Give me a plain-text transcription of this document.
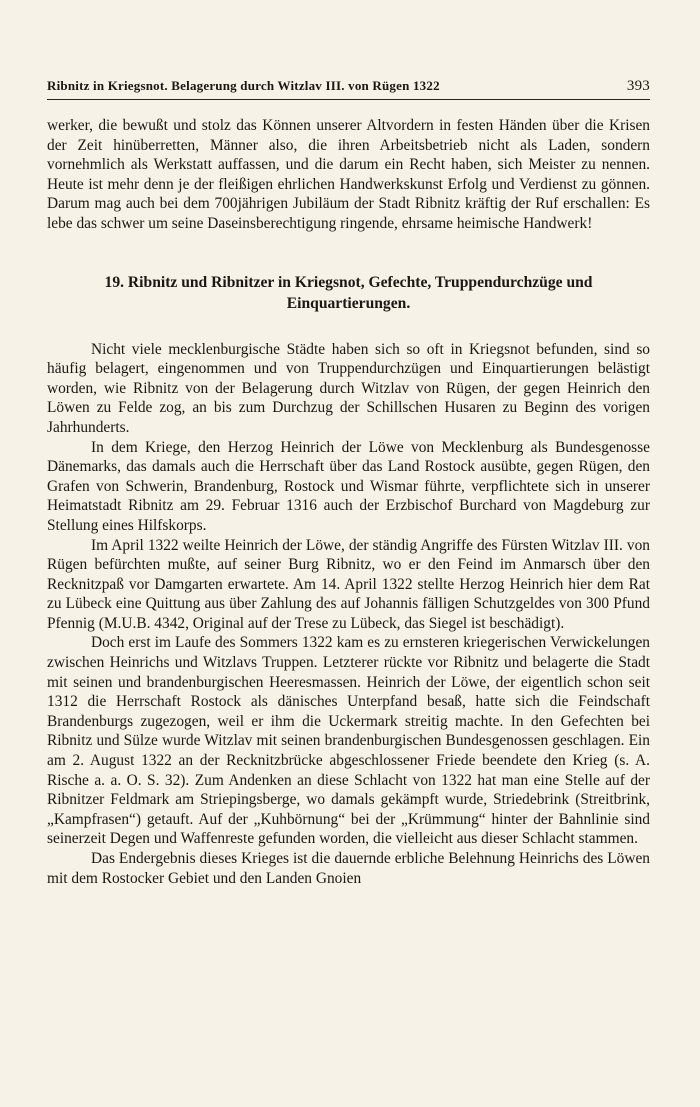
Ribnitz in Kriegsnot. Belagerung durch Witzlav III. von Rügen 1322	393

werker, die bewußt und stolz das Können unserer Altvordern in festen Händen über die Krisen der Zeit hinüberretten, Männer also, die ihren Arbeitsbetrieb nicht als Laden, sondern vornehmlich als Werkstatt auffassen, und die darum ein Recht haben, sich Meister zu nennen. Heute ist mehr denn je der fleißigen ehrlichen Handwerkskunst Erfolg und Verdienst zu gönnen. Darum mag auch bei dem 700jährigen Jubiläum der Stadt Ribnitz kräftig der Ruf erschallen: Es lebe das schwer um seine Daseinsberechtigung ringende, ehrsame heimische Handwerk!

19. Ribnitz und Ribnitzer in Kriegsnot, Gefechte, Truppendurchzüge und Einquartierungen.

Nicht viele mecklenburgische Städte haben sich so oft in Kriegsnot befunden, sind so häufig belagert, eingenommen und von Truppendurchzügen und Einquartierungen belästigt worden, wie Ribnitz von der Belagerung durch Witzlav von Rügen, der gegen Heinrich den Löwen zu Felde zog, an bis zum Durchzug der Schillschen Husaren zu Beginn des vorigen Jahrhunderts.

In dem Kriege, den Herzog Heinrich der Löwe von Mecklenburg als Bundesgenosse Dänemarks, das damals auch die Herrschaft über das Land Rostock ausübte, gegen Rügen, den Grafen von Schwerin, Brandenburg, Rostock und Wismar führte, verpflichtete sich in unserer Heimatstadt Ribnitz am 29. Februar 1316 auch der Erzbischof Burchard von Magdeburg zur Stellung eines Hilfskorps.

Im April 1322 weilte Heinrich der Löwe, der ständig Angriffe des Fürsten Witzlav III. von Rügen befürchten mußte, auf seiner Burg Ribnitz, wo er den Feind im Anmarsch über den Recknitzpaß vor Damgarten erwartete. Am 14. April 1322 stellte Herzog Heinrich hier dem Rat zu Lübeck eine Quittung aus über Zahlung des auf Johannis fälligen Schutzgeldes von 300 Pfund Pfennig (M.U.B. 4342, Original auf der Trese zu Lübeck, das Siegel ist beschädigt).

Doch erst im Laufe des Sommers 1322 kam es zu ernsteren kriegerischen Verwickelungen zwischen Heinrichs und Witzlavs Truppen. Letzterer rückte vor Ribnitz und belagerte die Stadt mit seinen und brandenburgischen Heeresmassen. Heinrich der Löwe, der eigentlich schon seit 1312 die Herrschaft Rostock als dänisches Unterpfand besaß, hatte sich die Feindschaft Brandenburgs zugezogen, weil er ihm die Uckermark streitig machte. In den Gefechten bei Ribnitz und Sülze wurde Witzlav mit seinen brandenburgischen Bundesgenossen geschlagen. Ein am 2. August 1322 an der Recknitzbrücke abgeschlossener Friede beendete den Krieg (s. A. Rische a. a. O. S. 32). Zum Andenken an diese Schlacht von 1322 hat man eine Stelle auf der Ribnitzer Feldmark am Striepingsberge, wo damals gekämpft wurde, Striedebrink (Streitbrink, „Kampfrasen“) getauft. Auf der „Kuhbörnung“ bei der „Krümmung“ hinter der Bahnlinie sind seinerzeit Degen und Waffenreste gefunden worden, die vielleicht aus dieser Schlacht stammen.

Das Endergebnis dieses Krieges ist die dauernde erbliche Belehnung Heinrichs des Löwen mit dem Rostocker Gebiet und den Landen Gnoien
